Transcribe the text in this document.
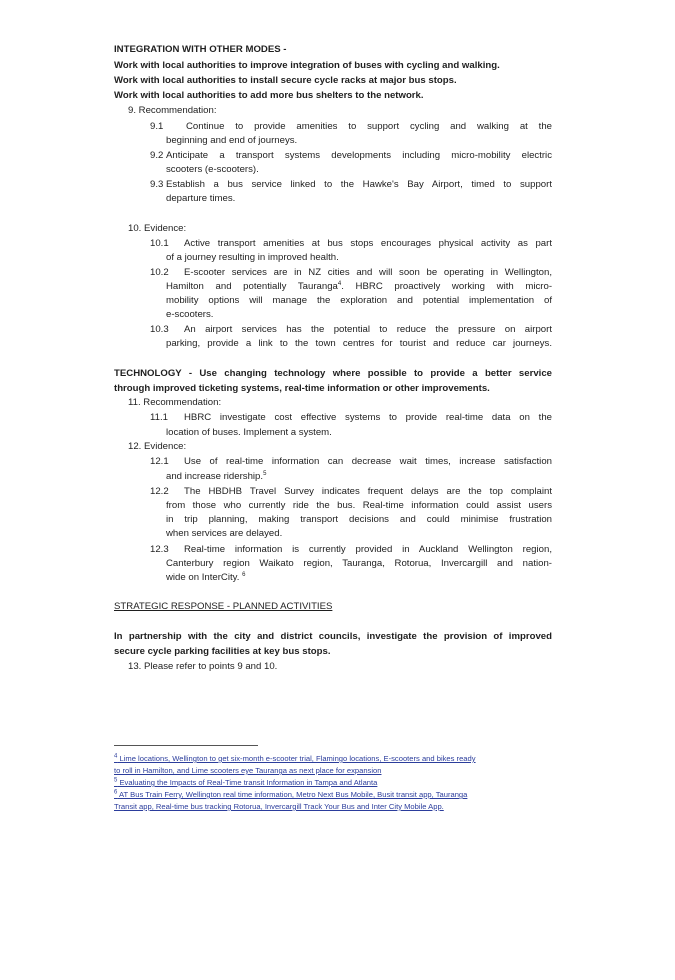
INTEGRATION WITH OTHER MODES -
Work with local authorities to improve integration of buses with cycling and walking.
Work with local authorities to install secure cycle racks at major bus stops.
Work with local authorities to add more bus shelters to the network.
9. Recommendation:
9.1 Continue to provide amenities to support cycling and walking at the
beginning and end of journeys.
9.2 Anticipate a transport systems developments including micro-mobility electric
scooters (e-scooters).
9.3 Establish a bus service linked to the Hawke's Bay Airport, timed to support
departure times.
10. Evidence:
10.1 Active transport amenities at bus stops encourages physical activity as part
of a journey resulting in improved health.
10.2 E-scooter services are in NZ cities and will soon be operating in Wellington,
Hamilton and potentially Tauranga$^4$. HBRC proactively working with micro-
mobility options will manage the exploration and potential implementation of
e-scooters.
10.3 An airport services has the potential to reduce the pressure on airport
parking, provide a link to the town centres for tourist and reduce car journeys.
TECHNOLOGY - Use changing technology where possible to provide a better service
through improved ticketing systems, real-time information or other improvements.
11. Recommendation:
11.1 HBRC investigate cost effective systems to provide real-time data on the
location of buses. Implement a system.
12. Evidence:
12.1 Use of real-time information can decrease wait times, increase satisfaction
and increase ridership.$^5$
12.2 The HBDHB Travel Survey indicates frequent delays are the top complaint
from those who currently ride the bus. Real-time information could assist users
in trip planning, making transport decisions and could minimise frustration
when services are delayed.
12.3 Real-time information is currently provided in Auckland Wellington region,
Canterbury region Waikato region, Tauranga, Rotorua, Invercargill and nation-
wide on InterCity. $^6$
STRATEGIC RESPONSE - PLANNED ACTIVITIES
In partnership with the city and district councils, investigate the provision of improved
secure cycle parking facilities at key bus stops.
13. Please refer to points 9 and 10.
$^4$ Lime locations, Wellington to get six-month e-scooter trial, Flamingo locations, E-scooters and bikes ready
to roll in Hamilton, and Lime scooters eye Tauranga as next place for expansion
$^5$ Evaluating the Impacts of Real-Time transit Information in Tampa and Atlanta
$^6$ AT Bus Train Ferry, Wellington real time information, Metro Next Bus Mobile, Busit transit app, Tauranga
Transit app, Real-time bus tracking Rotorua, Invercargill Track Your Bus and Inter City Mobile App.
